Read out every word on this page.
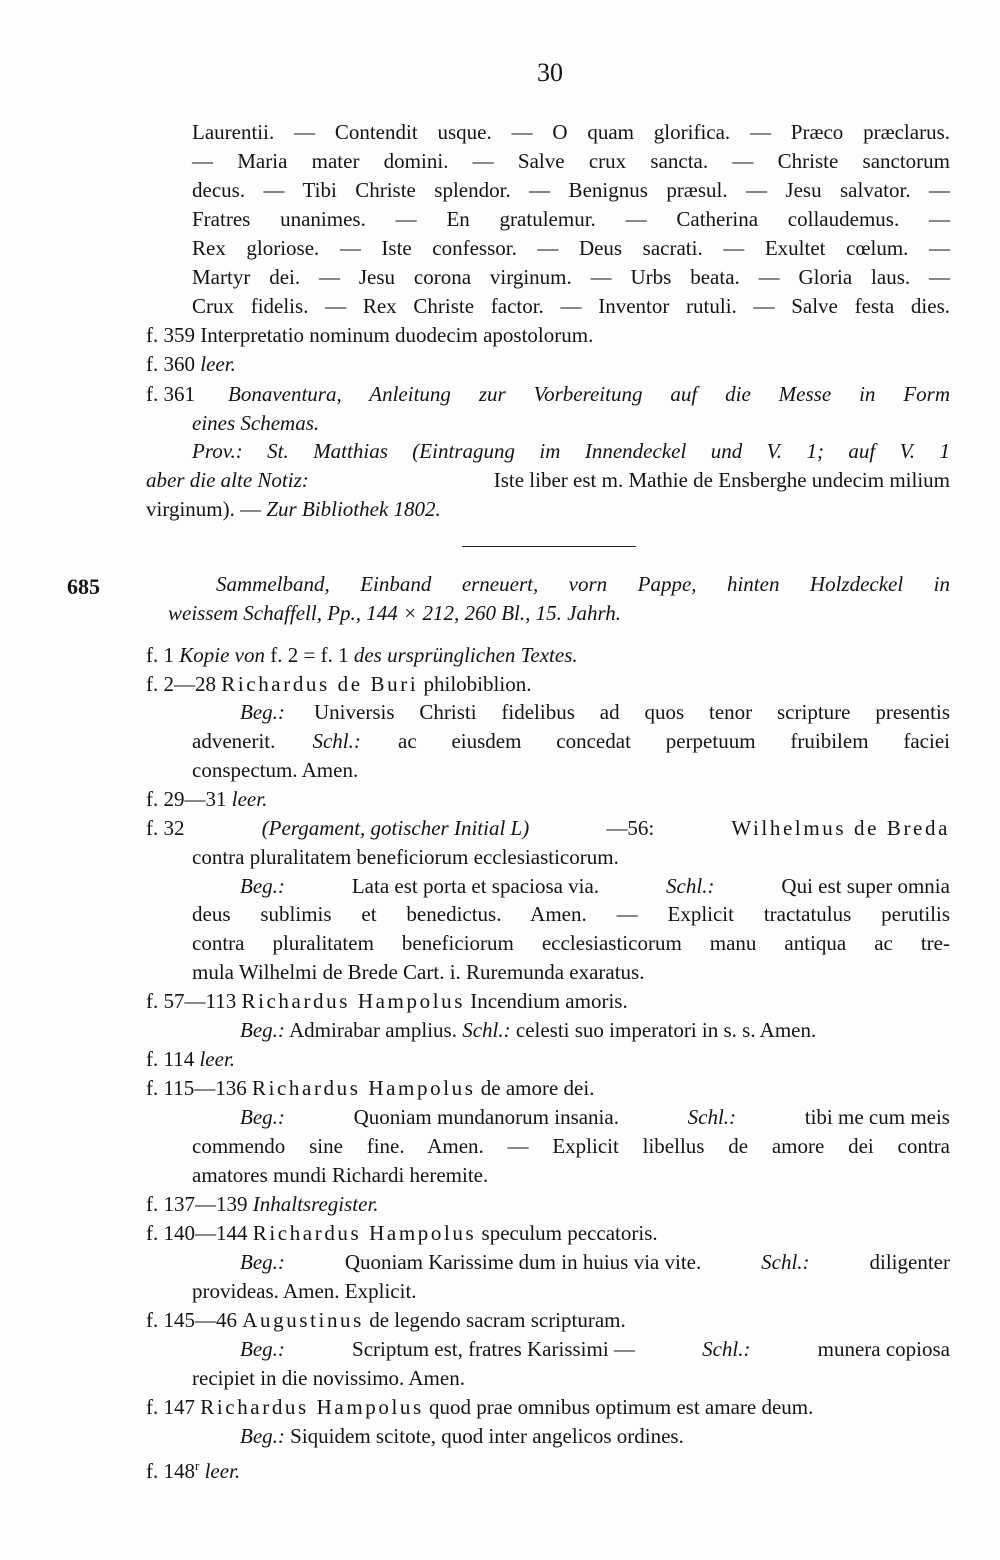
30
Laurentii. — Contendit usque. — O quam glorifica. — Præco præclarus.
— Maria mater domini. — Salve crux sancta. — Christe sanctorum
decus. — Tibi Christe splendor. — Benignus præsul. — Jesu salvator. —
Fratres unanimes. — En gratulemur. — Catherina collaudemus. —
Rex gloriose. — Iste confessor. — Deus sacrati. — Exultet cœlum. —
Martyr dei. — Jesu corona virginum. — Urbs beata. — Gloria laus. —
Crux fidelis. — Rex Christe factor. — Inventor rutuli. — Salve festa dies.
f. 359 Interpretatio nominum duodecim apostolorum.
f. 360 leer.
f. 361 Bonaventura, Anleitung zur Vorbereitung auf die Messe in Form
eines Schemas.
Prov.: St. Matthias (Eintragung im Innendeckel und V. 1; auf V. 1
aber die alte Notiz:	Iste liber est m. Mathie de Ensberghe undecim milium
virginum). — Zur Bibliothek 1802.
685	Sammelband, Einband erneuert, vorn Pappe, hinten Holzdeckel in
weissem Schaffell, Pp., 144 × 212, 260 Bl., 15. Jahrh.
f. 1 Kopie von f. 2 = f. 1 des ursprünglichen Textes.
f. 2—28 Richardus de Buri philobiblion.
Beg.: Universis Christi fidelibus ad quos tenor scripture presentis
advenerit. Schl.: ac eiusdem concedat perpetuum fruibilem faciei
conspectum. Amen.
f. 29—31 leer.
f. 32	(Pergament, gotischer Initial L)	—56:	Wilhelmus de Breda
contra pluralitatem beneficiorum ecclesiasticorum.
Beg.:	Lata est porta et spaciosa via.	Schl.:	Qui est super omnia
deus sublimis et benedictus. Amen. — Explicit tractatulus perutilis
contra pluralitatem beneficiorum ecclesiasticorum manu antiqua ac tre-
mula Wilhelmi de Brede Cart. i. Ruremunda exaratus.
f. 57—113 Richardus Hampolus Incendium amoris.
Beg.: Admirabar amplius. Schl.: celesti suo imperatori in s. s. Amen.
f. 114 leer.
f. 115—136 Richardus Hampolus de amore dei.
Beg.:	Quoniam mundanorum insania.	Schl.:	tibi me cum meis
commendo sine fine. Amen. — Explicit libellus de amore dei contra
amatores mundi Richardi heremite.
f. 137—139 Inhaltsregister.
f. 140—144 Richardus Hampolus speculum peccatoris.
Beg.:	Quoniam Karissime dum in huius via vite.	Schl.:	diligenter
provideas. Amen. Explicit.
f. 145—46 Augustinus de legendo sacram scripturam.
Beg.:	Scriptum est, fratres Karissimi —	Schl.:	munera copiosa
recipiet in die novissimo. Amen.
f. 147 Richardus Hampolus quod prae omnibus optimum est amare deum.
Beg.: Siquidem scitote, quod inter angelicos ordines.
f. 148$^r$ leer.
